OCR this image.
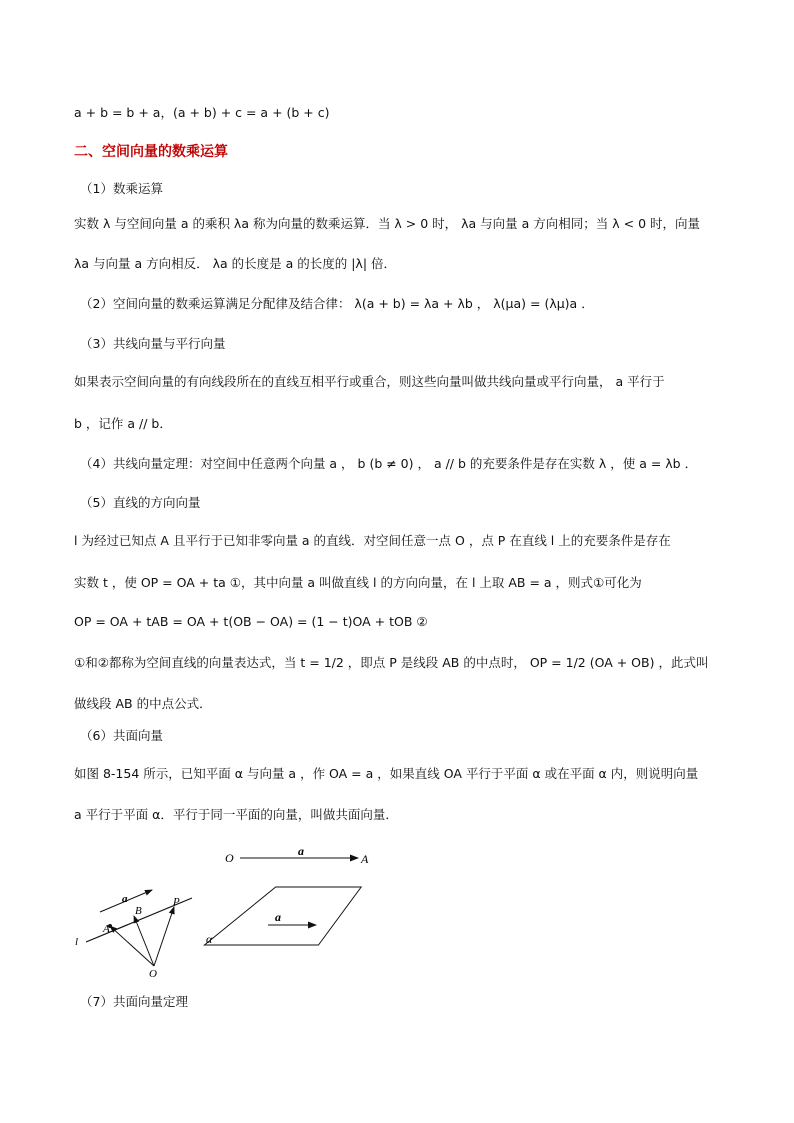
a + b = b + a，(a + b) + c = a + (b + c)
二、空间向量的数乘运算
（1）数乘运算
实数 λ 与空间向量 a 的乘积 λa 称为向量的数乘运算．当 λ > 0 时， λa 与向量 a 方向相同；当 λ < 0 时，向量
λa 与向量 a 方向相反． λa 的长度是 a 的长度的 |λ| 倍．
（2）空间向量的数乘运算满足分配律及结合律： λ(a + b) = λa + λb ， λ(μa) = (λμ)a ．
（3）共线向量与平行向量
如果表示空间向量的有向线段所在的直线互相平行或重合，则这些向量叫做共线向量或平行向量， a 平行于
b ，记作 a // b．
（4）共线向量定理：对空间中任意两个向量 a ， b (b ≠ 0) ， a // b 的充要条件是存在实数 λ ，使 a = λb ．
（5）直线的方向向量
l 为经过已知点 A 且平行于已知非零向量 a 的直线．对空间任意一点 O ，点 P 在直线 l 上的充要条件是存在
实数 t ，使 OP = OA + ta ①，其中向量 a 叫做直线 l 的方向向量，在 l 上取 AB = a ，则式①可化为
OP = OA + tAB = OA + t(OB − OA) = (1 − t)OA + tOB ②
①和②都称为空间直线的向量表达式，当 t = 1/2 ，即点 P 是线段 AB 的中点时， OP = 1/2 (OA + OB) ，此式叫
做线段 AB 的中点公式．
（6）共面向量
如图 8-154 所示，已知平面 α 与向量 a ，作 OA = a ，如果直线 OA 平行于平面 α 或在平面 α 内，则说明向量
a 平行于平面 α．平行于同一平面的向量，叫做共面向量．
a
A
B
P
l
O
O	a
A
a
α
（7）共面向量定理
